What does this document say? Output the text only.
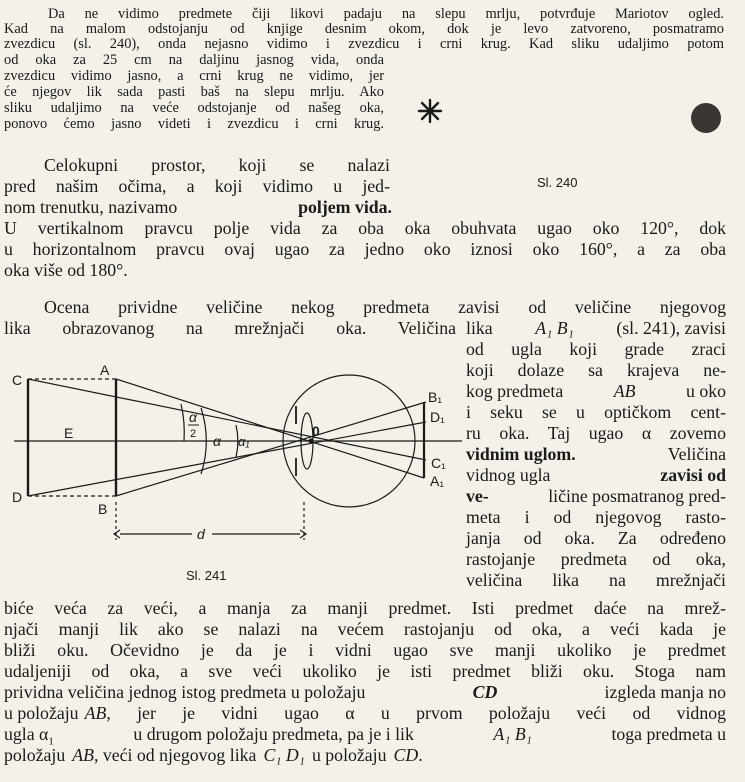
Da ne vidimo predmete čiji likovi padaju na slepu mrlju, potvrđuje Mariotov ogled.
Kad na malom odstojanju od knjige desnim okom, dok je levo zatvoreno, posmatramo
zvezdicu (sl. 240), onda nejasno vidimo i zvezdicu i crni krug. Kad sliku udaljimo potom
od oka za 25 cm na daljinu jasnog vida, onda
zvezdicu vidimo jasno, a crni krug ne vidimo, jer
će njegov lik sada pasti baš na slepu mrlju. Ako
sliku udaljimo na veće odstojanje od našeg oka,
ponovo ćemo jasno videti i zvezdicu i crni krug.
Sl. 240
Celokupni prostor, koji se nalazi
pred našim očima, a koji vidimo u jed-
nom trenutku, nazivamo	poljem vida.
U vertikalnom pravcu polje vida za oba oka obuhvata ugao oko 120°, dok
u horizontalnom pravcu ovaj ugao za jedno oko iznosi oko 160°, a za oba
oka više od 180°.
Ocena prividne veličine nekog predmeta zavisi od veličine njegovog
lika obrazovanog na mrežnjači oka. Veličina lika A₁ B₁ (sl. 241), zavisi
od ugla koji grade zraci
koji dolaze sa krajeva ne-
kog predmeta	AB	u oko
i seku se u optičkom cent-
ru oka. Taj ugao α zovemo
vidnim uglom.	Veličina
vidnog ugla	zavisi od
ve-	ličine posmatranog pred-
meta i od njegovog rasto-
janja od oka. Za određeno
rastojanje predmeta od oka,
veličina lika na mrežnjači
C
A
E
D
B
α
2 α α₁
0
B₁
D₁
C₁
A₁
d
Sl. 241
biće veća za veći, a manja za manji predmet. Isti predmet daće na mrež-
njači manji lik ako se nalazi na većem rastojanju od oka, a veći kada je
bliži oku. Očevidno je da je i vidni ugao sve manji ukoliko je predmet
udaljeniji od oka, a sve veći ukoliko je isti predmet bliži oku. Stoga nam
prividna veličina jednog istog predmeta u položaju	CD	izgleda manja no
u položaju AB , jer je vidni ugao α u prvom položaju veći od vidnog
ugla $\alpha_1$	u drugom položaju predmeta, pa je i lik	A₁ B₁	toga predmeta u
položaju AB, veći od njegovog lika C₁ D₁ u položaju CD.
